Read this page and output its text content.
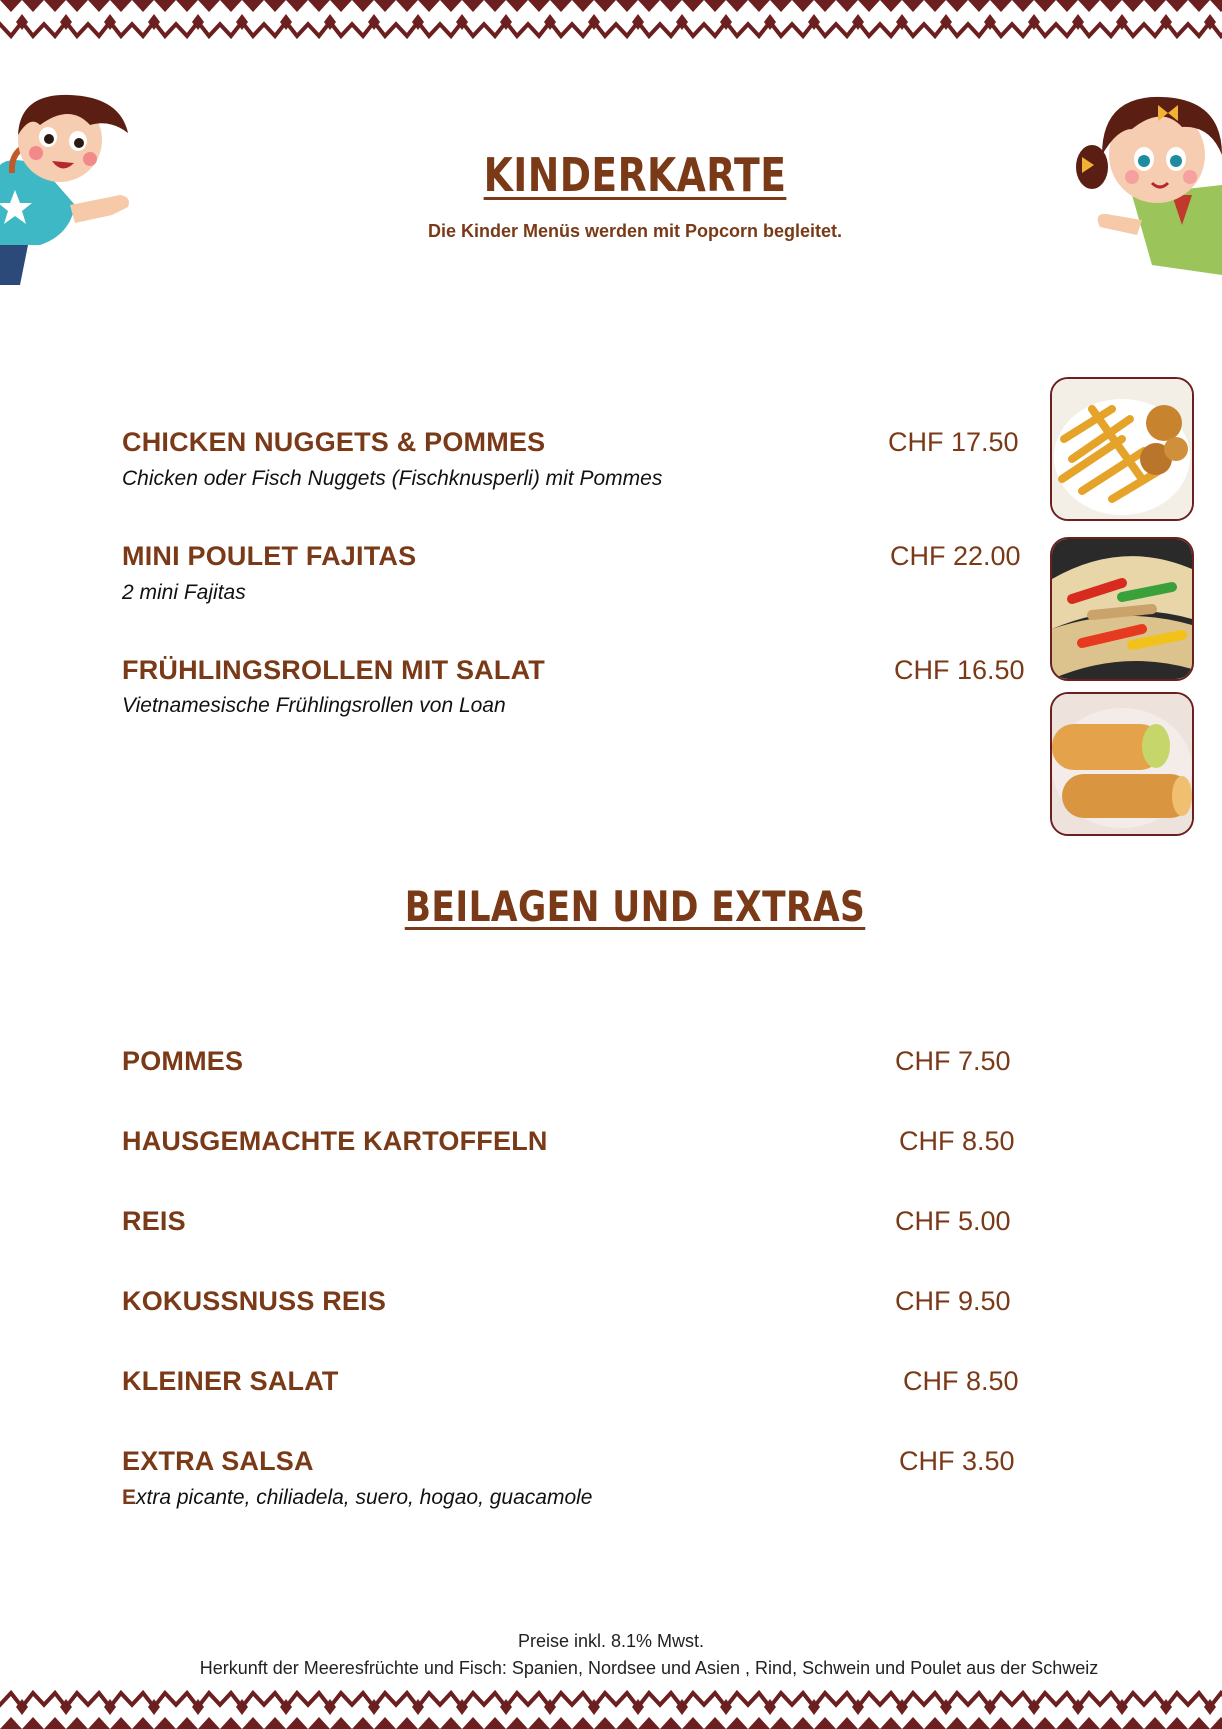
KINDERKARTE
Die Kinder Menüs werden mit Popcorn begleitet.
CHICKEN NUGGETS & POMMES	CHF 17.50
Chicken oder Fisch Nuggets (Fischknusperli) mit Pommes
MINI POULET FAJITAS	CHF 22.00
2 mini Fajitas
FRÜHLINGSROLLEN MIT SALAT	CHF 16.50
Vietnamesische Frühlingsrollen von Loan
BEILAGEN UND EXTRAS
POMMES	CHF 7.50
HAUSGEMACHTE KARTOFFELN	CHF 8.50
REIS	CHF 5.00
KOKUSSNUSS REIS	CHF 9.50
KLEINER SALAT	CHF 8.50
EXTRA SALSA	CHF 3.50
Extra picante, chiliadela, suero, hogao, guacamole
Preise inkl. 8.1% Mwst.
Herkunft der Meeresfrüchte und Fisch: Spanien, Nordsee und Asien , Rind, Schwein und Poulet aus der Schweiz
